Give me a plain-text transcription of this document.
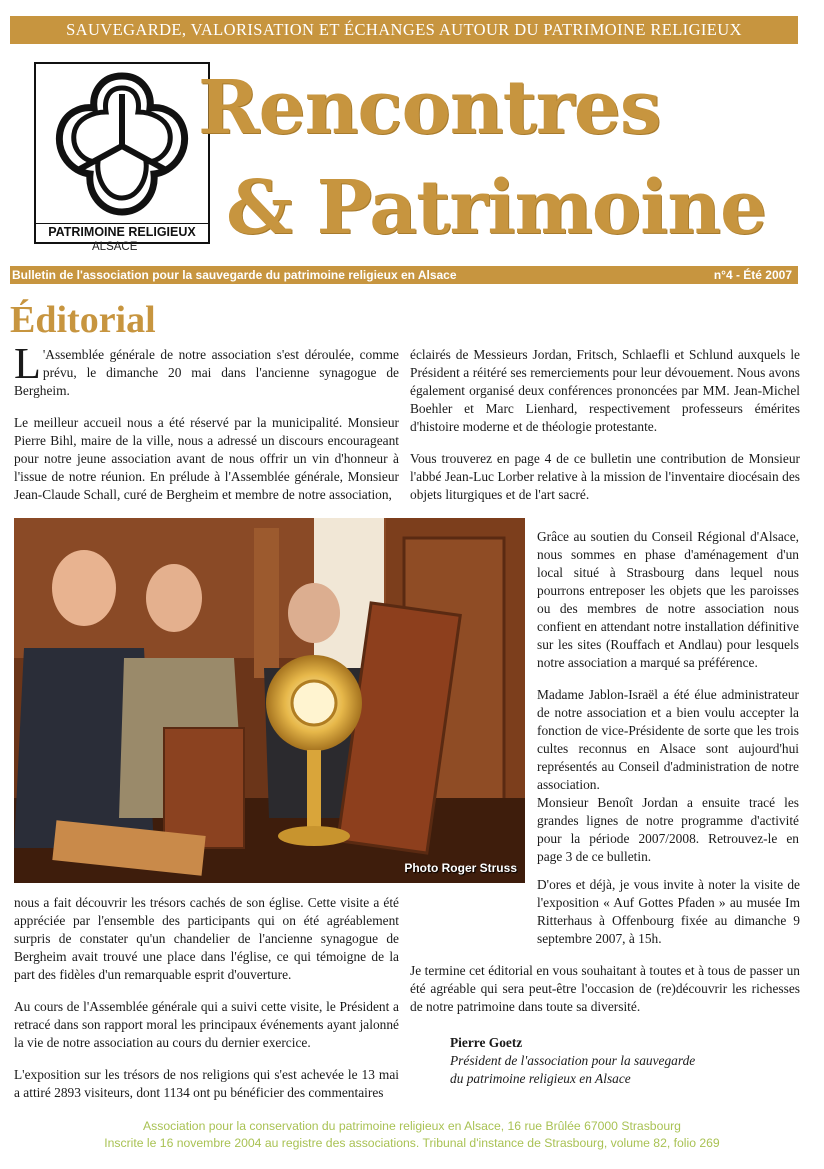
SAUVEGARDE, VALORISATION ET ÉCHANGES AUTOUR DU PATRIMOINE RELIGIEUX
PATRIMOINE RELIGIEUX
ALSACE
Rencontres
& Patrimoine
Bulletin de l'association pour la sauvegarde du patrimoine religieux en Alsace	n°4 - Été 2007
Éditorial

L 'Assemblée générale de notre association s'est déroulée, comme prévu, le dimanche 20 mai dans l'ancienne synagogue de Bergheim.

Le meilleur accueil nous a été réservé par la municipalité. Monsieur Pierre Bihl, maire de la ville, nous a adressé un discours encourageant pour notre jeune association avant de nous offrir un vin d'honneur à l'issue de notre réunion. En prélude à l'Assemblée générale, Monsieur Jean-Claude Schall, curé de Bergheim et membre de notre association,

éclairés de Messieurs Jordan, Fritsch, Schlaefli et Schlund auxquels le Président a réitéré ses remerciements pour leur dévouement. Nous avons également organisé deux conférences prononcées par MM. Jean-Michel Boehler et Marc Lienhard, respectivement professeurs émérites d'histoire moderne et de théologie protestante.

Vous trouverez en page 4 de ce bulletin une contribution de Monsieur l'abbé Jean-Luc Lorber relative à la mission de l'inventaire diocésain des objets liturgiques et de l'art sacré.

Photo Roger Struss

Grâce au soutien du Conseil Régional d'Alsace, nous sommes en phase d'aménagement d'un local situé à Strasbourg dans lequel nous pourrons entreposer les objets que les paroisses ou des membres de notre association nous confient en attendant notre installation définitive sur les sites (Rouffach et Andlau) pour lesquels notre association a marqué sa préférence.

Madame Jablon-Israël a été élue administrateur de notre association et a bien voulu accepter la fonction de vice-Présidente de sorte que les trois cultes reconnus en Alsace sont aujourd'hui représentés au Conseil d'administration de notre association.

Monsieur Benoît Jordan a ensuite tracé les grandes lignes de notre programme d'activité pour la période 2007/2008. Retrouvez-le en page 3 de ce bulletin.

nous a fait découvrir les trésors cachés de son église. Cette visite a été appréciée par l'ensemble des participants qui on été agréablement surpris de constater qu'un chandelier de l'ancienne synagogue de Bergheim avait trouvé une place dans l'église, ce qui témoigne de la part des fidèles d'un remarquable esprit d'ouverture.

Au cours de l'Assemblée générale qui a suivi cette visite, le Président a retracé dans son rapport moral les principaux événements ayant jalonné la vie de notre association au cours du dernier exercice.

L'exposition sur les trésors de nos religions qui s'est achevée le 13 mai a attiré 2893 visiteurs, dont 1134 ont pu bénéficier des commentaires

D'ores et déjà, je vous invite à noter la visite de l'exposition « Auf Gottes Pfaden » au musée Im Ritterhaus à Offenbourg fixée au dimanche 9 septembre 2007, à 15h.

Je termine cet éditorial en vous souhaitant à toutes et à tous de passer un été agréable qui sera peut-être l'occasion de (re)découvrir les richesses de notre patrimoine dans toute sa diversité.

Pierre Goetz
Président de l'association pour la sauvegarde
du patrimoine religieux en Alsace
Association pour la conservation du patrimoine religieux en Alsace, 16 rue Brûlée 67000 Strasbourg
Inscrite le 16 novembre 2004 au registre des associations. Tribunal d'instance de Strasbourg, volume 82, folio 269
